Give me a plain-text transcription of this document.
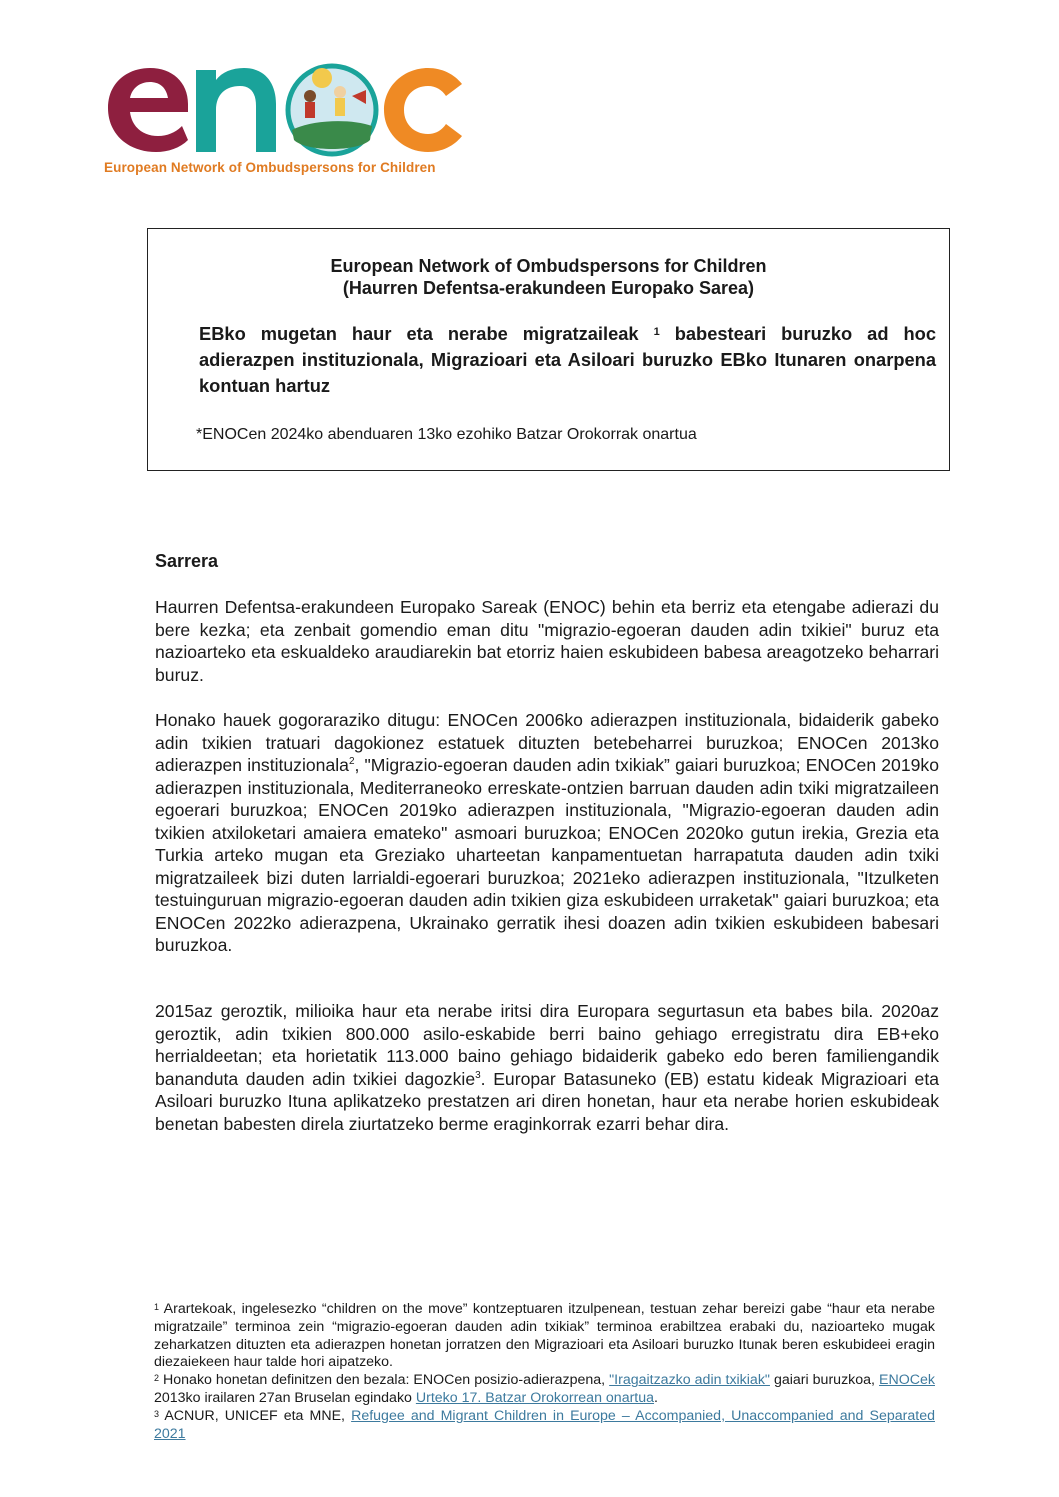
European Network of Ombudspersons for Children
European Network of Ombudspersons for Children
(Haurren Defentsa-erakundeen Europako Sarea)
EBko mugetan haur eta nerabe migratzaileak $^1$ babesteari buruzko ad hoc adierazpen instituzionala, Migrazioari eta Asiloari buruzko EBko Itunaren onarpena kontuan hartuz
*ENOCen 2024ko abenduaren 13ko ezohiko Batzar Orokorrak onartua
Sarrera
Haurren Defentsa-erakundeen Europako Sareak (ENOC) behin eta berriz eta etengabe adierazi du bere kezka; eta zenbait gomendio eman ditu "migrazio-egoeran dauden adin txikiei" buruz eta nazioarteko eta eskualdeko araudiarekin bat etorriz haien eskubideen babesa areagotzeko beharrari buruz.
Honako hauek gogoraraziko ditugu: ENOCen 2006ko adierazpen instituzionala, bidaiderik gabeko adin txikien tratuari dagokionez estatuek dituzten betebeharrei buruzkoa; ENOCen 2013ko adierazpen instituzionala$^2$, "Migrazio-egoeran dauden adin txikiak” gaiari buruzkoa; ENOCen 2019ko adierazpen instituzionala, Mediterraneoko erreskate-ontzien barruan dauden adin txiki migratzaileen egoerari buruzkoa; ENOCen 2019ko adierazpen instituzionala, "Migrazio-egoeran dauden adin txikien atxiloketari amaiera emateko" asmoari buruzkoa; ENOCen 2020ko gutun irekia, Grezia eta Turkia arteko mugan eta Greziako uharteetan kanpamentuetan harrapatuta dauden adin txiki migratzaileek bizi duten larrialdi-egoerari buruzkoa; 2021eko adierazpen instituzionala, "Itzulketen testuinguruan migrazio-egoeran dauden adin txikien giza eskubideen urraketak" gaiari buruzkoa; eta ENOCen 2022ko adierazpena, Ukrainako gerratik ihesi doazen adin txikien eskubideen babesari buruzkoa.
2015az geroztik, milioika haur eta nerabe iritsi dira Europara segurtasun eta babes bila. 2020az geroztik, adin txikien 800.000 asilo-eskabide berri baino gehiago erregistratu dira EB+eko herrialdeetan; eta horietatik 113.000 baino gehiago bidaiderik gabeko edo beren familiengandik bananduta dauden adin txikiei dagozkie$^3$. Europar Batasuneko (EB) estatu kideak Migrazioari eta Asiloari buruzko Ituna aplikatzeko prestatzen ari diren honetan, haur eta nerabe horien eskubideak benetan babesten direla ziurtatzeko berme eraginkorrak ezarri behar dira.
$^1$ Arartekoak, ingelesezko “children on the move” kontzeptuaren itzulpenean, testuan zehar bereizi gabe “haur eta nerabe migratzaile” terminoa zein “migrazio-egoeran dauden adin txikiak” terminoa erabiltzea erabaki du, nazioarteko mugak zeharkatzen dituzten eta adierazpen honetan jorratzen den Migrazioari eta Asiloari buruzko Itunak beren eskubideei eragin diezaiekeen haur talde hori aipatzeko.
$^2$ Honako honetan definitzen den bezala: ENOCen posizio-adierazpena, "Iragaitzazko adin txikiak" gaiari buruzkoa, ENOCek 2013ko irailaren 27an Bruselan egindako Urteko 17. Batzar Orokorrean onartua.
$^3$ ACNUR, UNICEF eta MNE, Refugee and Migrant Children in Europe – Accompanied, Unaccompanied and Separated 2021
